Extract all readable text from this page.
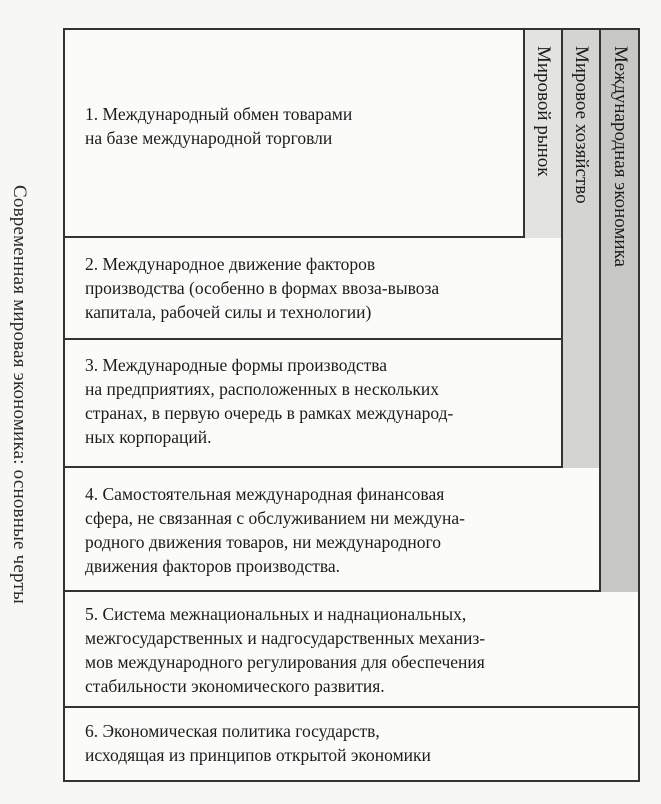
Современная мировая экономика: основные черты
1. Международный обмен товарами
на базе международной торговли
2. Международное движение факторов
производства (особенно в формах ввоза-вывоза
капитала, рабочей силы и технологии)
3. Международные формы производства
на предприятиях, расположенных в нескольких
странах, в первую очередь в рамках международ-
ных корпораций.
4. Самостоятельная международная финансовая
сфера, не связанная с обслуживанием ни междуна-
родного движения товаров, ни международного
движения факторов производства.
5. Система межнациональных и наднациональных,
межгосударственных и надгосударственных механиз-
мов международного регулирования для обеспечения
стабильности экономического развития.
6. Экономическая политика государств,
исходящая из принципов открытой экономики
Мировой рынок Мировое хозяйство Международная экономика
